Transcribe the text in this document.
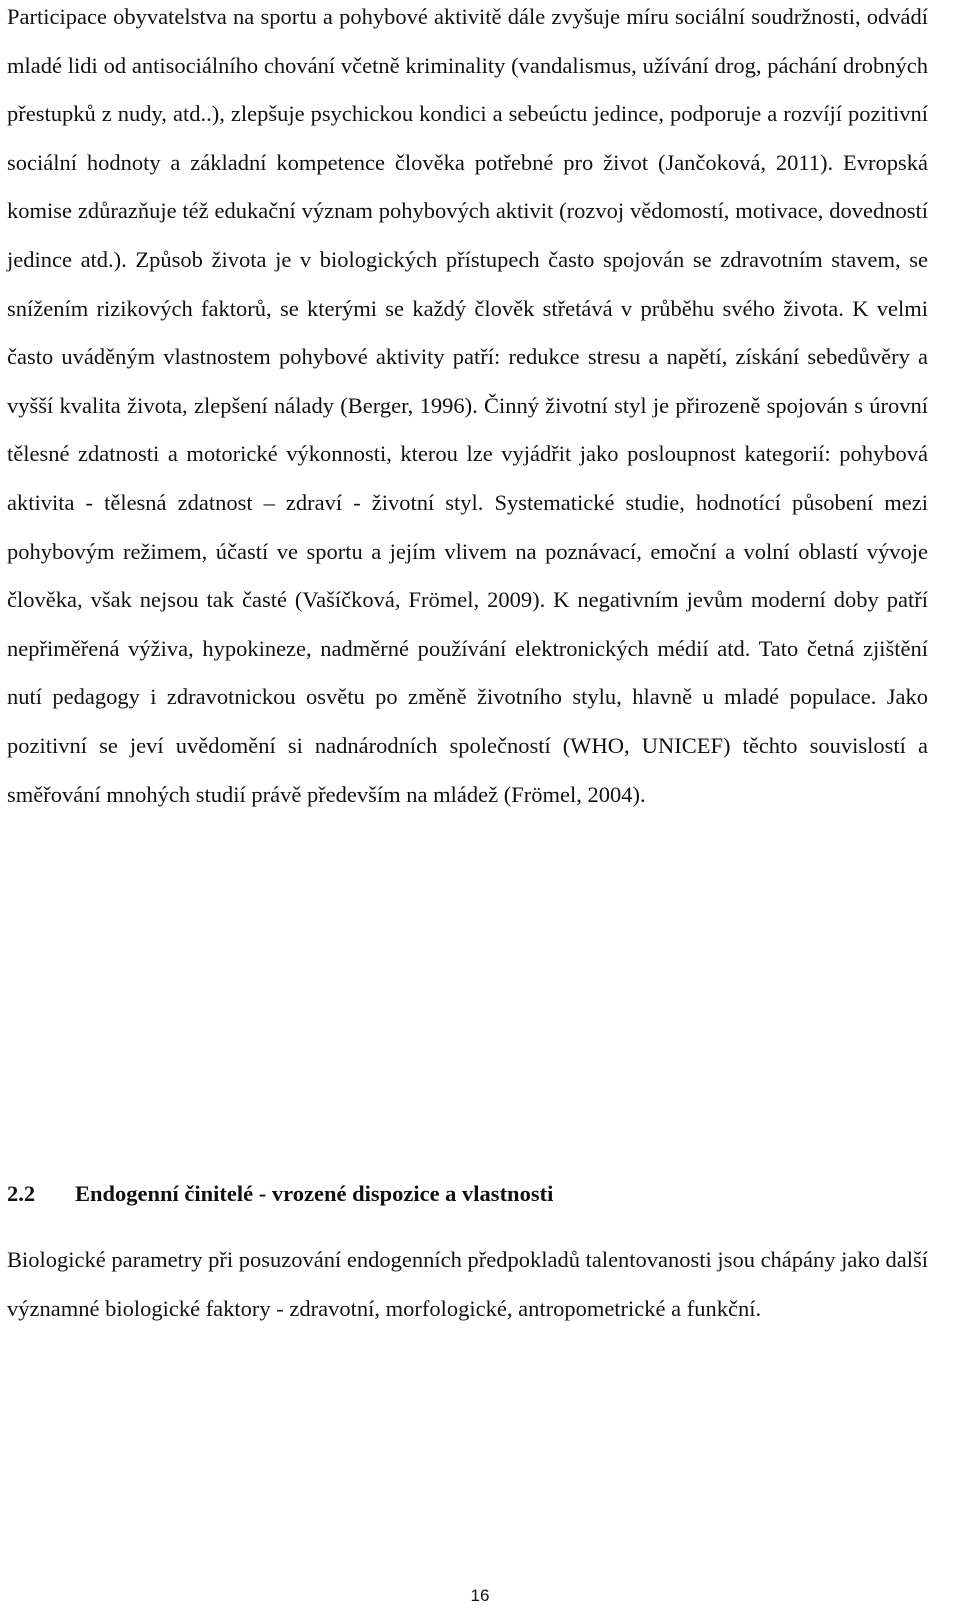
Participace obyvatelstva na sportu a pohybové aktivitě dále zvyšuje míru sociální soudržnosti, odvádí mladé lidi od antisociálního chování včetně kriminality (vandalismus, užívání drog, páchání drobných přestupků z nudy, atd..), zlepšuje psychickou kondici a sebeúctu jedince, podporuje a rozvíjí pozitivní sociální hodnoty a základní kompetence člověka potřebné pro život (Jančoková, 2011). Evropská komise zdůrazňuje též edukační význam pohybových aktivit (rozvoj vědomostí, motivace, dovedností jedince atd.). Způsob života je v biologických přístupech často spojován se zdravotním stavem, se snížením rizikových faktorů, se kterými se každý člověk střetává v průběhu svého života. K velmi často uváděným vlastnostem pohybové aktivity patří: redukce stresu a napětí, získání sebedůvěry a vyšší kvalita života, zlepšení nálady (Berger, 1996). Činný životní styl je přirozeně spojován s úrovní tělesné zdatnosti a motorické výkonnosti, kterou lze vyjádřit jako posloupnost kategorií: pohybová aktivita - tělesná zdatnost – zdraví - životní styl. Systematické studie, hodnotící působení mezi pohybovým režimem, účastí ve sportu a jejím vlivem na poznávací, emoční a volní oblastí vývoje člověka, však nejsou tak časté (Vašíčková, Frömel, 2009). K negativním jevům moderní doby patří nepřiměřená výživa, hypokineze, nadměrné používání elektronických médií atd. Tato četná zjištění nutí pedagogy i zdravotnickou osvětu po změně životního stylu, hlavně u mladé populace. Jako pozitivní se jeví uvědomění si nadnárodních společností (WHO, UNICEF) těchto souvislostí a směřování mnohých studií právě především na mládež (Frömel, 2004).

2.2 Endogenní činitelé - vrozené dispozice a vlastnosti

Biologické parametry při posuzování endogenních předpokladů talentovanosti jsou chápány jako další významné biologické faktory - zdravotní, morfologické, antropometrické a funkční.

16
